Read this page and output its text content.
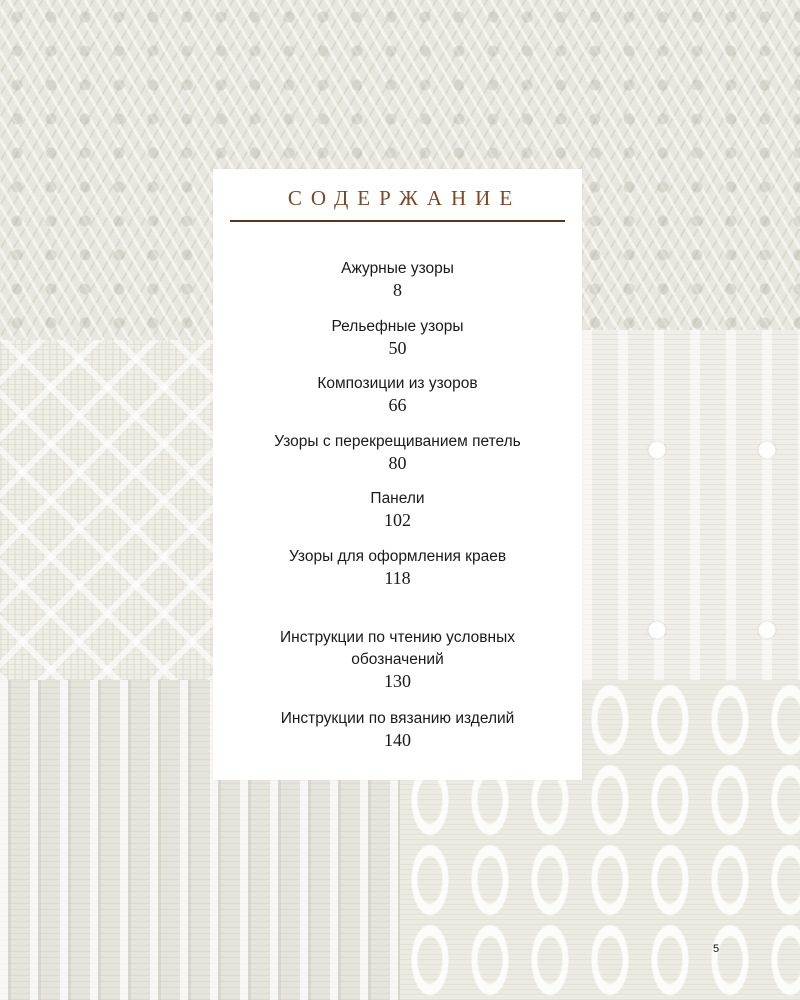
СОДЕРЖАНИЕ
Ажурные узоры
8
Рельефные узоры
50
Композиции из узоров
66
Узоры с перекрещиванием петель
80
Панели
102
Узоры для оформления краев
118
Инструкции по чтению условных
обозначений
130
Инструкции по вязанию изделий
140
5
